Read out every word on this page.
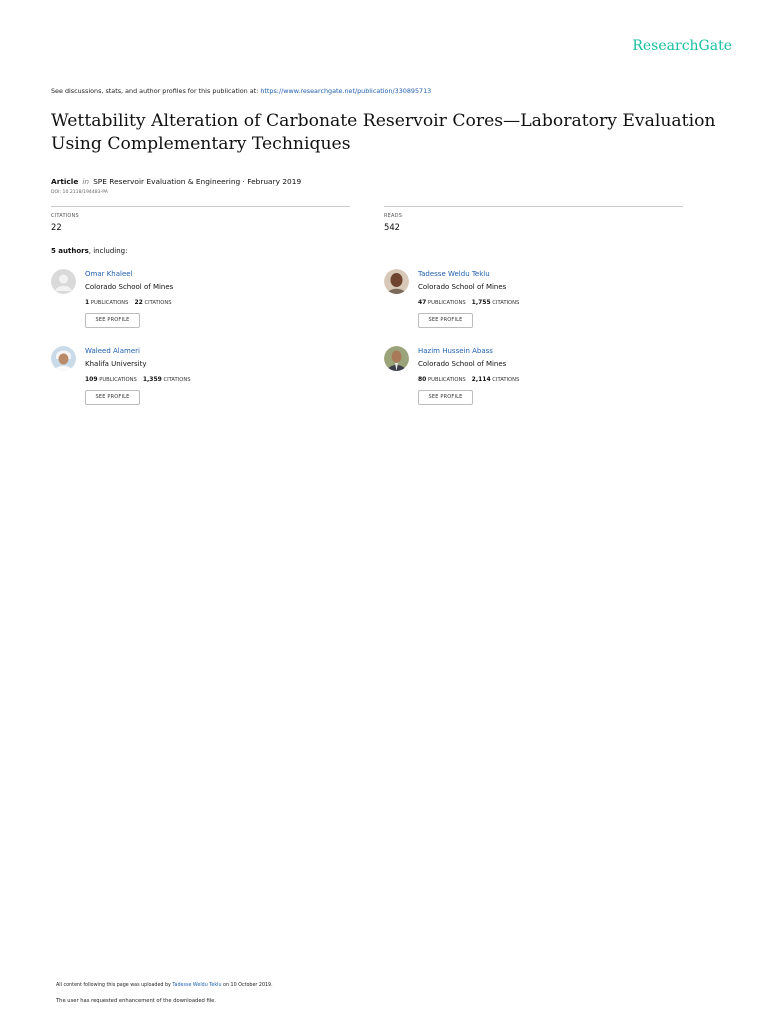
ResearchGate
See discussions, stats, and author profiles for this publication at: https://www.researchgate.net/publication/330895713
Wettability Alteration of Carbonate Reservoir Cores—Laboratory Evaluation
Using Complementary Techniques
Article in SPE Reservoir Evaluation & Engineering · February 2019
DOI: 10.2118/194483-PA
CITATIONS
22
READS
542
5 authors, including:
Omar Khaleel
Colorado School of Mines
1 PUBLICATIONS 22 CITATIONS
SEE PROFILE
Tadesse Weldu Teklu
Colorado School of Mines
47 PUBLICATIONS 1,755 CITATIONS
SEE PROFILE
Waleed Alameri
Khalifa University
109 PUBLICATIONS 1,359 CITATIONS
SEE PROFILE
Hazim Hussein Abass
Colorado School of Mines
80 PUBLICATIONS 2,114 CITATIONS
SEE PROFILE
All content following this page was uploaded by Tadesse Weldu Teklu on 10 October 2019.
The user has requested enhancement of the downloaded file.
